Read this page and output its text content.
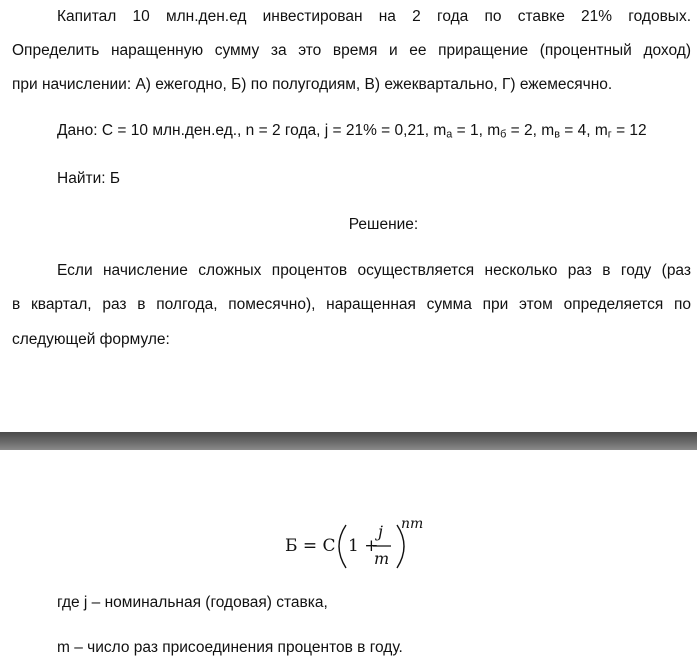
Капитал 10 млн.ден.ед инвестирован на 2 года по ставке 21% годовых.
Определить наращенную сумму за это время и ее приращение (процентный доход)
при начислении: А) ежегодно, Б) по полугодиям, В) ежеквартально, Г) ежемесячно.
Дано: С = 10 млн.ден.ед., n = 2 года, j = 21% = 0,21, $m_а = 1$, $m_б = 2$, $m_в = 4$, $m_г = 12$
Найти: Б
Решение:
Если начисление сложных процентов осуществляется несколько раз в году (раз
в квартал, раз в полгода, помесячно), наращенная сумма при этом определяется по
следующей формуле:
Б = С 1 +
j
m
nm
где j – номинальная (годовая) ставка,
m – число раз присоединения процентов в году.
